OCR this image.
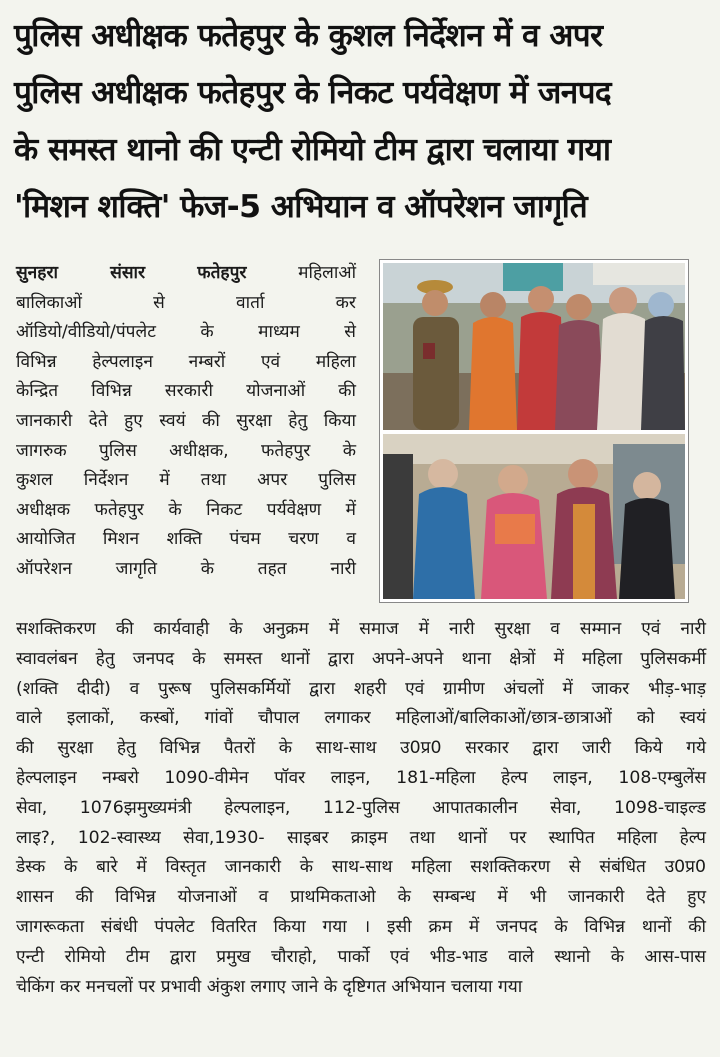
पुलिस अधीक्षक फतेहपुर के कुशल निर्देशन में व अपर
पुलिस अधीक्षक फतेहपुर के निकट पर्यवेक्षण में जनपद
के समस्त थानो की एन्टी रोमियो टीम द्वारा चलाया गया
'मिशन शक्ति' फेज-5 अभियान व ऑपरेशन जागृति
सुनहरा संसार फतेहपुर	महिलाओं
बालिकाओं से वार्ता कर
ऑडियो/वीडियो/पंपलेट के माध्यम से
विभिन्न हेल्पलाइन नम्बरों एवं महिला
केन्द्रित विभिन्न सरकारी योजनाओं की
जानकारी देते हुए स्वयं की सुरक्षा हेतु किया
जागरुक पुलिस अधीक्षक, फतेहपुर के
कुशल निर्देशन में तथा अपर पुलिस
अधीक्षक फतेहपुर के निकट पर्यवेक्षण में
आयोजित मिशन शक्ति पंचम चरण व
ऑपरेशन जागृति के तहत नारी
सशक्तिकरण की कार्यवाही के अनुक्रम में समाज में नारी सुरक्षा व सम्मान एवं नारी
स्वावलंबन हेतु जनपद के समस्त थानों द्वारा अपने-अपने थाना क्षेत्रों में महिला पुलिसकर्मी
(शक्ति दीदी) व पुरूष पुलिसकर्मियों द्वारा शहरी एवं ग्रामीण अंचलों में जाकर भीड़-भाड़
वाले इलाकों, कस्बों, गांवों चौपाल लगाकर महिलाओं/बालिकाओं/छात्र-छात्राओं को स्वयं
की सुरक्षा हेतु विभिन्न पैतरों के साथ-साथ उ0प्र0 सरकार द्वारा जारी किये गये
हेल्पलाइन नम्बरो 1090-वीमेन पॉवर लाइन, 181-महिला हेल्प लाइन, 108-एम्बुलेंस
सेवा, 1076झमुख्यमंत्री हेल्पलाइन, 112-पुलिस आपातकालीन सेवा, 1098-चाइल्ड
लाइ?, 102-स्वास्थ्य सेवा,1930- साइबर क्राइम तथा थानों पर स्थापित महिला हेल्प
डेस्क के बारे में विस्तृत जानकारी के साथ-साथ महिला सशक्तिकरण से संबंधित उ0प्र0
शासन की विभिन्न योजनाओं व प्राथमिकताओ के सम्बन्ध में भी जानकारी देते हुए
जागरूकता संबंधी पंपलेट वितरित किया गया । इसी क्रम में जनपद के विभिन्न थानों की
एन्टी रोमियो टीम द्वारा प्रमुख चौराहो, पार्को एवं भीड-भाड वाले स्थानो के आस-पास
चेकिंग कर मनचलों पर प्रभावी अंकुश लगाए जाने के दृष्टिगत अभियान चलाया गया
